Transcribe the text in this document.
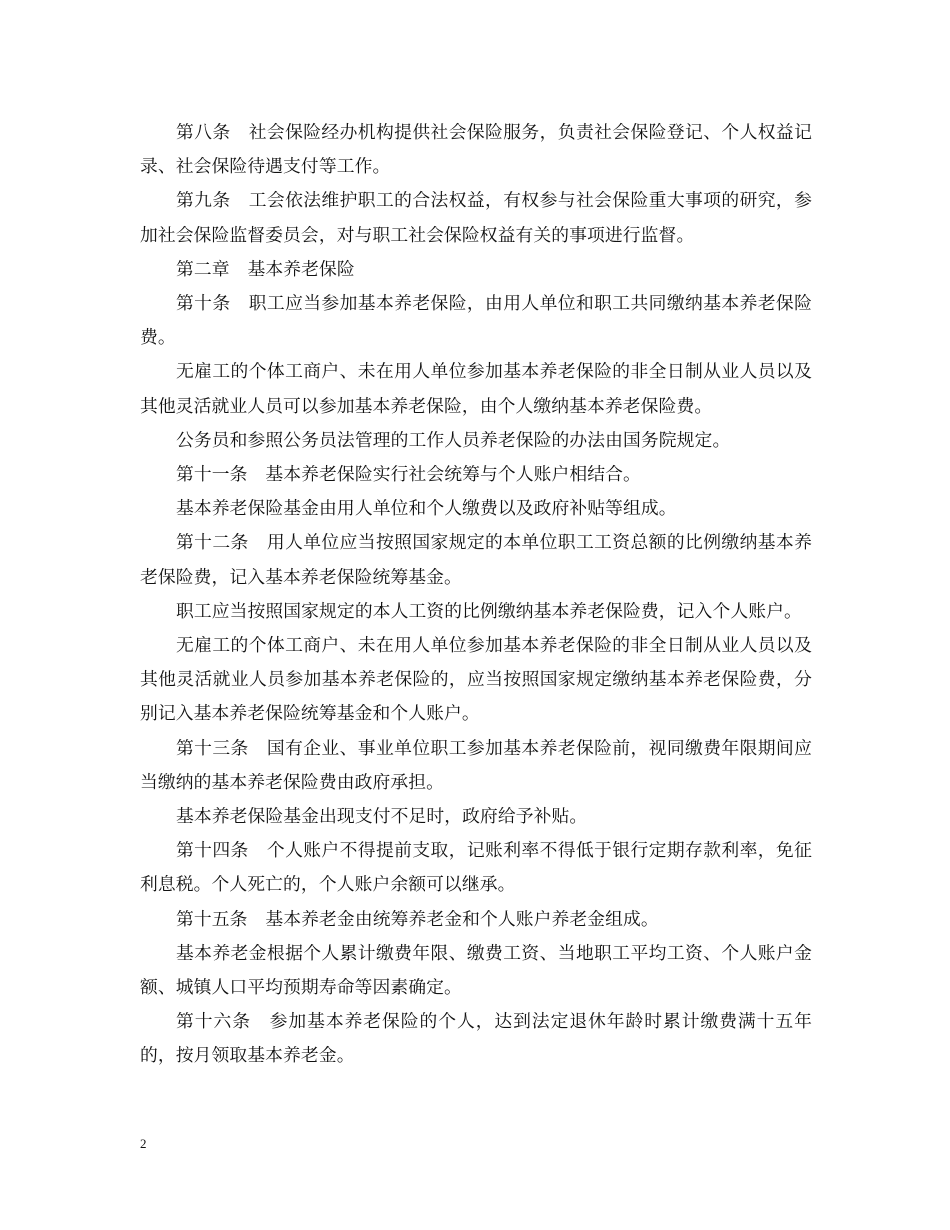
第八条　社会保险经办机构提供社会保险服务，负责社会保险登记、个人权益记录、社会保险待遇支付等工作。

第九条　工会依法维护职工的合法权益，有权参与社会保险重大事项的研究，参加社会保险监督委员会，对与职工社会保险权益有关的事项进行监督。

第二章　基本养老保险

第十条　职工应当参加基本养老保险，由用人单位和职工共同缴纳基本养老保险费。

无雇工的个体工商户、未在用人单位参加基本养老保险的非全日制从业人员以及其他灵活就业人员可以参加基本养老保险，由个人缴纳基本养老保险费。

公务员和参照公务员法管理的工作人员养老保险的办法由国务院规定。

第十一条　基本养老保险实行社会统筹与个人账户相结合。

基本养老保险基金由用人单位和个人缴费以及政府补贴等组成。

第十二条　用人单位应当按照国家规定的本单位职工工资总额的比例缴纳基本养老保险费，记入基本养老保险统筹基金。

职工应当按照国家规定的本人工资的比例缴纳基本养老保险费，记入个人账户。

无雇工的个体工商户、未在用人单位参加基本养老保险的非全日制从业人员以及其他灵活就业人员参加基本养老保险的，应当按照国家规定缴纳基本养老保险费，分别记入基本养老保险统筹基金和个人账户。

第十三条　国有企业、事业单位职工参加基本养老保险前，视同缴费年限期间应当缴纳的基本养老保险费由政府承担。

基本养老保险基金出现支付不足时，政府给予补贴。

第十四条　个人账户不得提前支取，记账利率不得低于银行定期存款利率，免征利息税。个人死亡的，个人账户余额可以继承。

第十五条　基本养老金由统筹养老金和个人账户养老金组成。

基本养老金根据个人累计缴费年限、缴费工资、当地职工平均工资、个人账户金额、城镇人口平均预期寿命等因素确定。

第十六条　参加基本养老保险的个人，达到法定退休年龄时累计缴费满十五年的，按月领取基本养老金。

2
